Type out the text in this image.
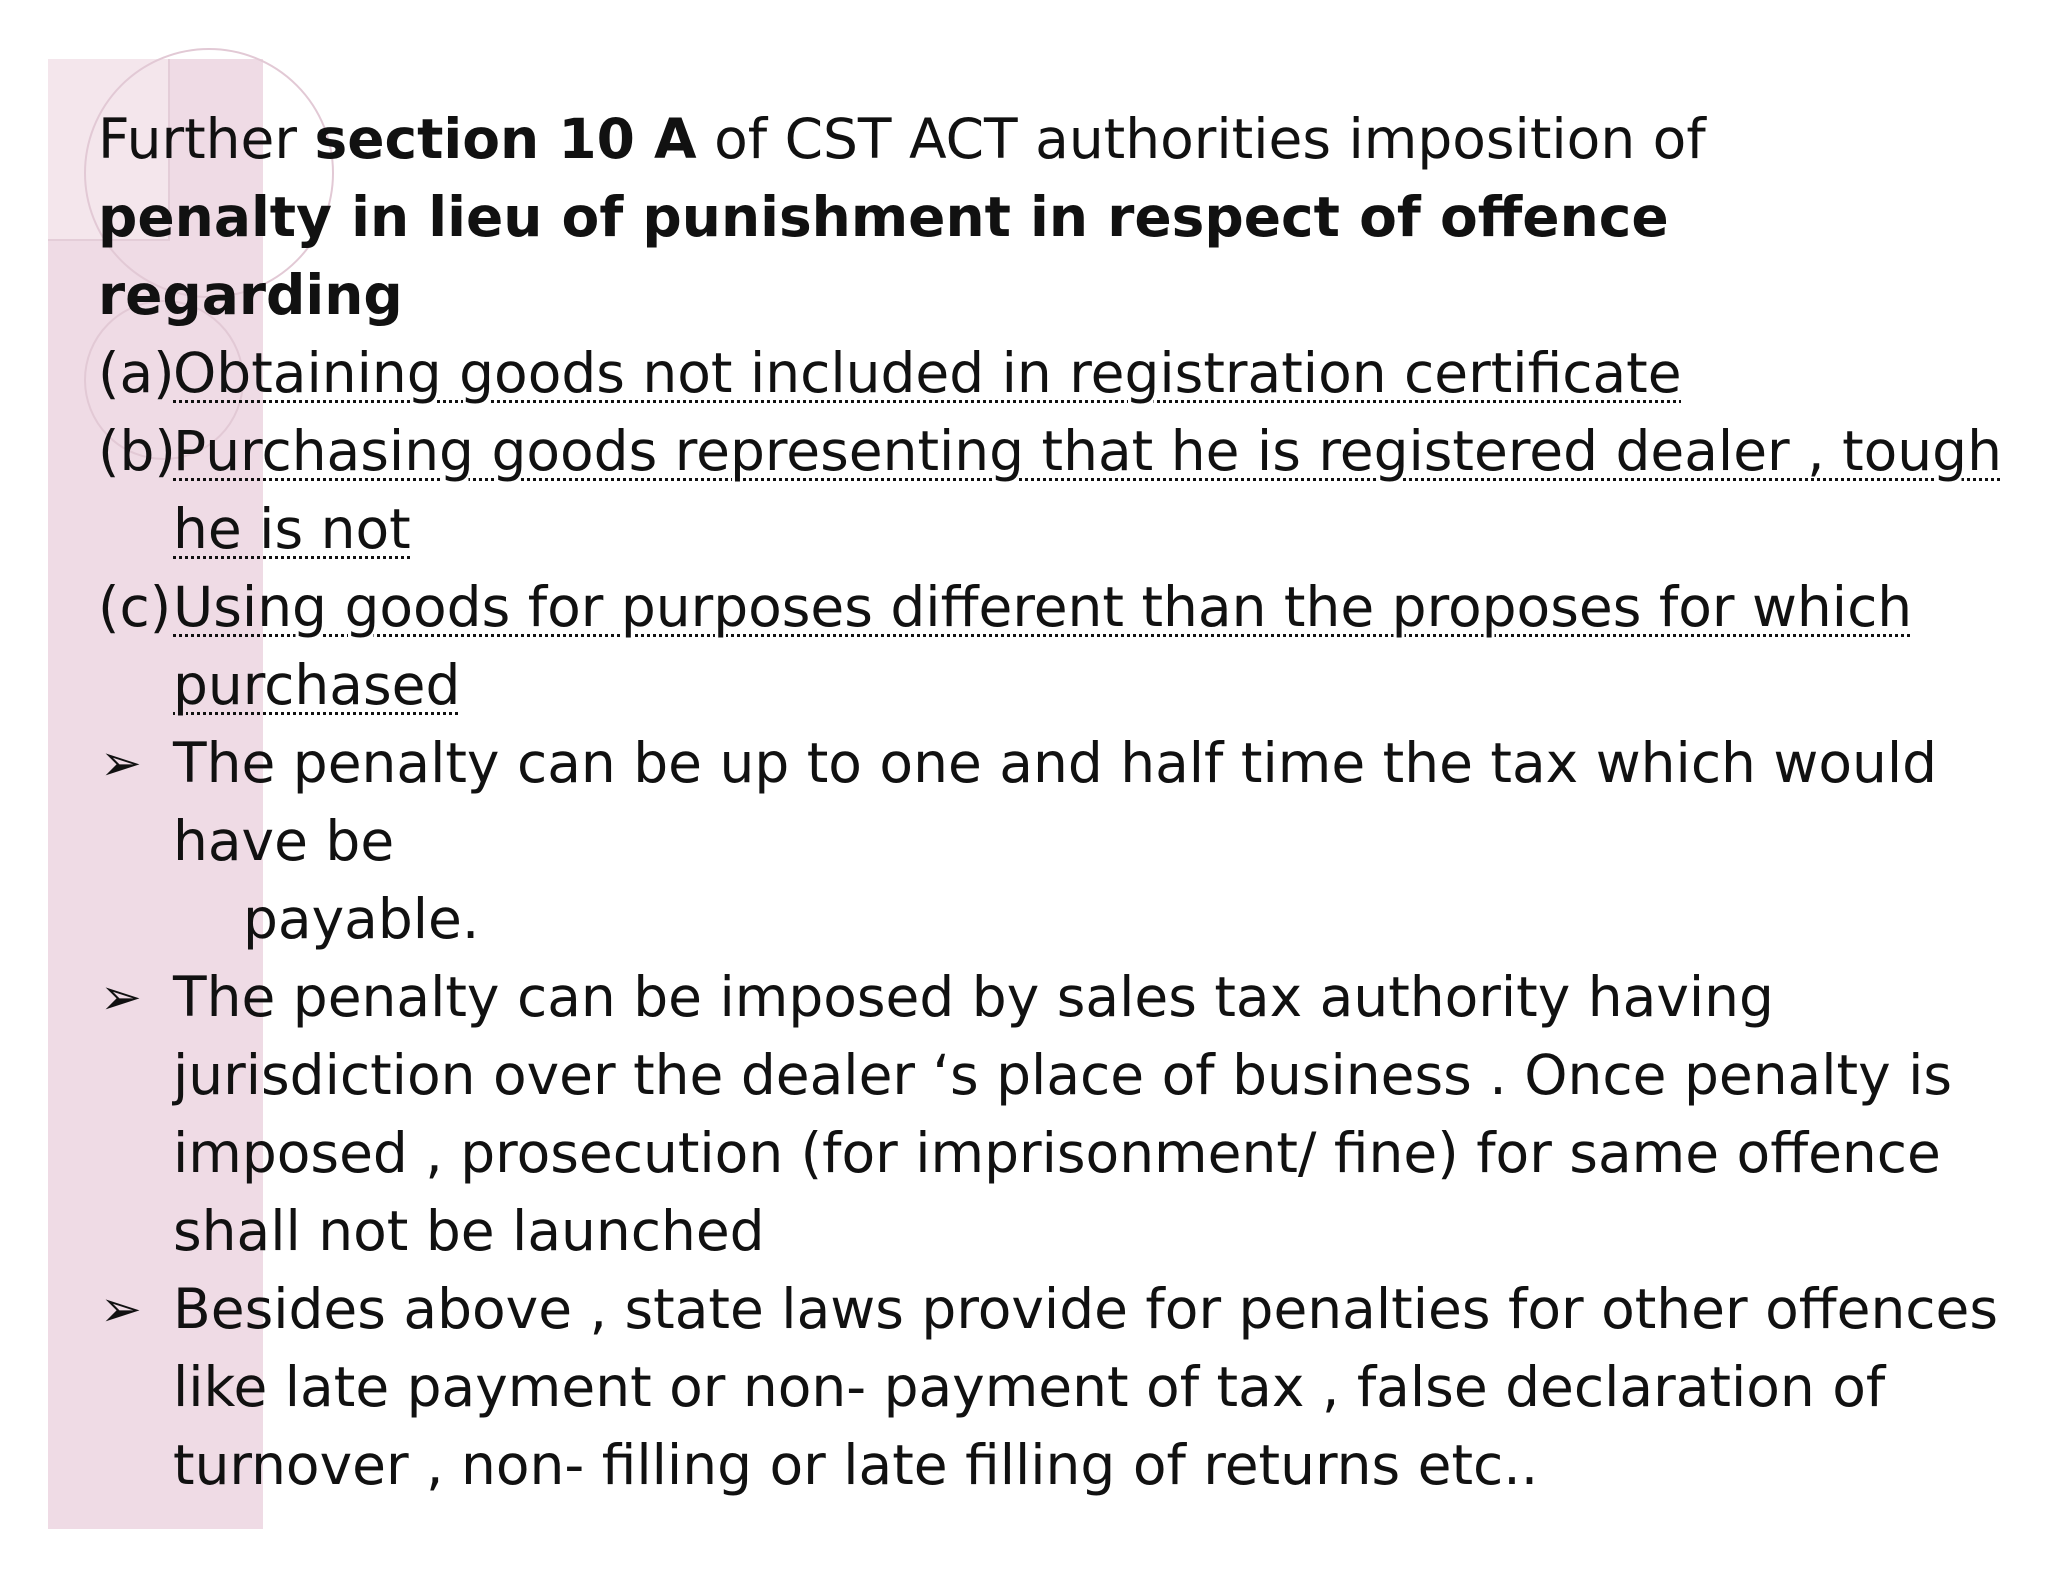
Further section 10 A of CST ACT authorities imposition of
penalty in lieu of punishment in respect of offence
regarding
(a)
Obtaining goods not included in registration certificate
(b)
Purchasing goods representing that he is registered dealer , tough
he is not
(c) Using goods for purposes different than the proposes for which
purchased
➢ The penalty can be up to one and half time the tax which would
have be
payable.
➢ The penalty can be imposed by sales tax authority having
jurisdiction over the dealer ‘s place of business . Once penalty is
imposed , prosecution (for imprisonment/ fine) for same offence
shall not be launched
➢ Besides above , state laws provide for penalties for other offences
like late payment or non- payment of tax , false declaration of
turnover , non- filling or late filling of returns etc..
